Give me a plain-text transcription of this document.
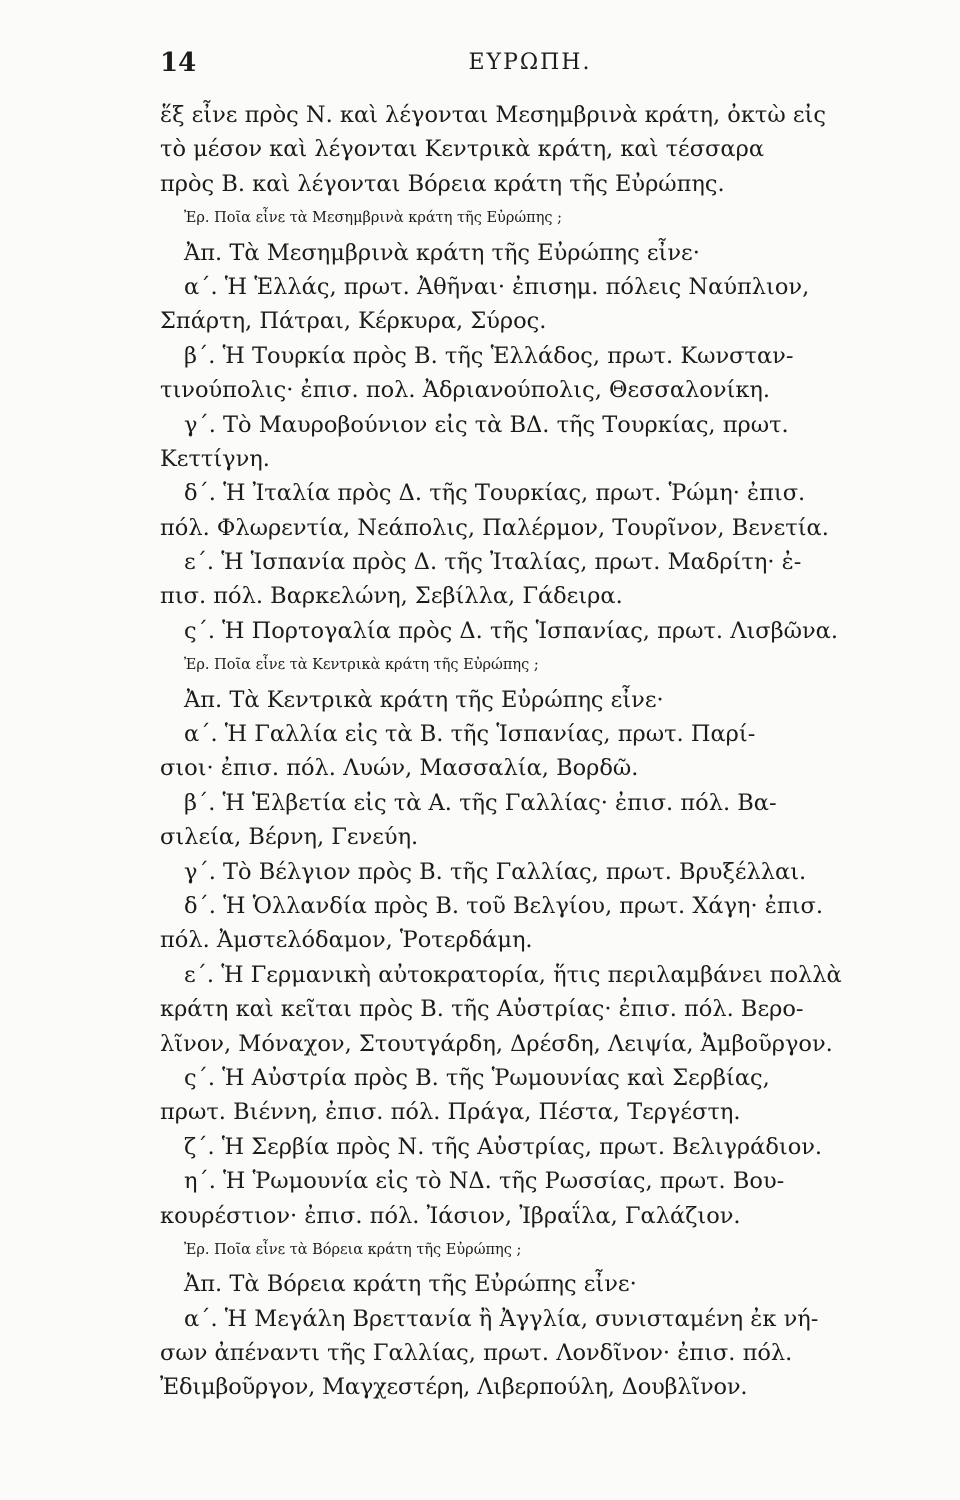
14	ΕΥΡΩΠΗ.
ἕξ εἶνε πρὸς Ν. καὶ λέγονται Μεσημβρινὰ κράτη, ὀκτὼ εἰς
τὸ μέσον καὶ λέγονται Κεντρικὰ κράτη, καὶ τέσσαρα
πρὸς Β. καὶ λέγονται Βόρεια κράτη τῆς Εὐρώπης.
Ἐρ. Ποῖα εἶνε τὰ Μεσημβρινὰ κράτη τῆς Εὐρώπης ;
Ἀπ. Τὰ Μεσημβρινὰ κράτη τῆς Εὐρώπης εἶνε·
α΄. Ἡ Ἑλλάς, πρωτ. Ἀθῆναι· ἐπισημ. πόλεις Ναύπλιον,
Σπάρτη, Πάτραι, Κέρκυρα, Σύρος.
β΄. Ἡ Τουρκία πρὸς Β. τῆς Ἑλλάδος, πρωτ. Κωνσταν-
τινούπολις· ἐπισ. πολ. Ἀδριανούπολις, Θεσσαλονίκη.
γ΄. Τὸ Μαυροβούνιον εἰς τὰ ΒΔ. τῆς Τουρκίας, πρωτ.
Κεττίγνη.
δ΄. Ἡ Ἰταλία πρὸς Δ. τῆς Τουρκίας, πρωτ. Ῥώμη· ἐπισ.
πόλ. Φλωρεντία, Νεάπολις, Παλέρμον, Τουρῖνον, Βενετία.
ε΄. Ἡ Ἱσπανία πρὸς Δ. τῆς Ἰταλίας, πρωτ. Μαδρίτη· ἐ-
πισ. πόλ. Βαρκελώνη, Σεβίλλα, Γάδειρα.
ς΄. Ἡ Πορτογαλία πρὸς Δ. τῆς Ἱσπανίας, πρωτ. Λισβῶνα.
Ἐρ. Ποῖα εἶνε τὰ Κεντρικὰ κράτη τῆς Εὐρώπης ;
Ἀπ. Τὰ Κεντρικὰ κράτη τῆς Εὐρώπης εἶνε·
α΄. Ἡ Γαλλία εἰς τὰ Β. τῆς Ἱσπανίας, πρωτ. Παρί-
σιοι· ἐπισ. πόλ. Λυών, Μασσαλία, Βορδῶ.
β΄. Ἡ Ἑλβετία εἰς τὰ Α. τῆς Γαλλίας· ἐπισ. πόλ. Βα-
σιλεία, Βέρνη, Γενεύη.
γ΄. Τὸ Βέλγιον πρὸς Β. τῆς Γαλλίας, πρωτ. Βρυξέλλαι.
δ΄. Ἡ Ὁλλανδία πρὸς Β. τοῦ Βελγίου, πρωτ. Χάγη· ἐπισ.
πόλ. Ἀμστελόδαμον, Ῥοτερδάμη.
ε΄. Ἡ Γερμανικὴ αὐτοκρατορία, ἥτις περιλαμβάνει πολλὰ
κράτη καὶ κεῖται πρὸς Β. τῆς Αὐστρίας· ἐπισ. πόλ. Βερο-
λῖνον, Μόναχον, Στουτγάρδη, Δρέσδη, Λειψία, Ἀμβοῦργον.
ς΄. Ἡ Αὐστρία πρὸς Β. τῆς Ῥωμουνίας καὶ Σερβίας,
πρωτ. Βιέννη, ἐπισ. πόλ. Πράγα, Πέστα, Τεργέστη.
ζ΄. Ἡ Σερβία πρὸς Ν. τῆς Αὐστρίας, πρωτ. Βελιγράδιον.
η΄. Ἡ Ῥωμουνία εἰς τὸ ΝΔ. τῆς Ρωσσίας, πρωτ. Βου-
κουρέστιον· ἐπισ. πόλ. Ἰάσιον, Ἰβραΐλα, Γαλάζιον.
Ἐρ. Ποῖα εἶνε τὰ Βόρεια κράτη τῆς Εὐρώπης ;
Ἀπ. Τὰ Βόρεια κράτη τῆς Εὐρώπης εἶνε·
α΄. Ἡ Μεγάλη Βρεττανία ἢ Ἀγγλία, συνισταμένη ἐκ νή-
σων ἀπέναντι τῆς Γαλλίας, πρωτ. Λονδῖνον· ἐπισ. πόλ.
Ἐδιμβοῦργον, Μαγχεστέρη, Λιβερπούλη, Δουβλῖνον.
